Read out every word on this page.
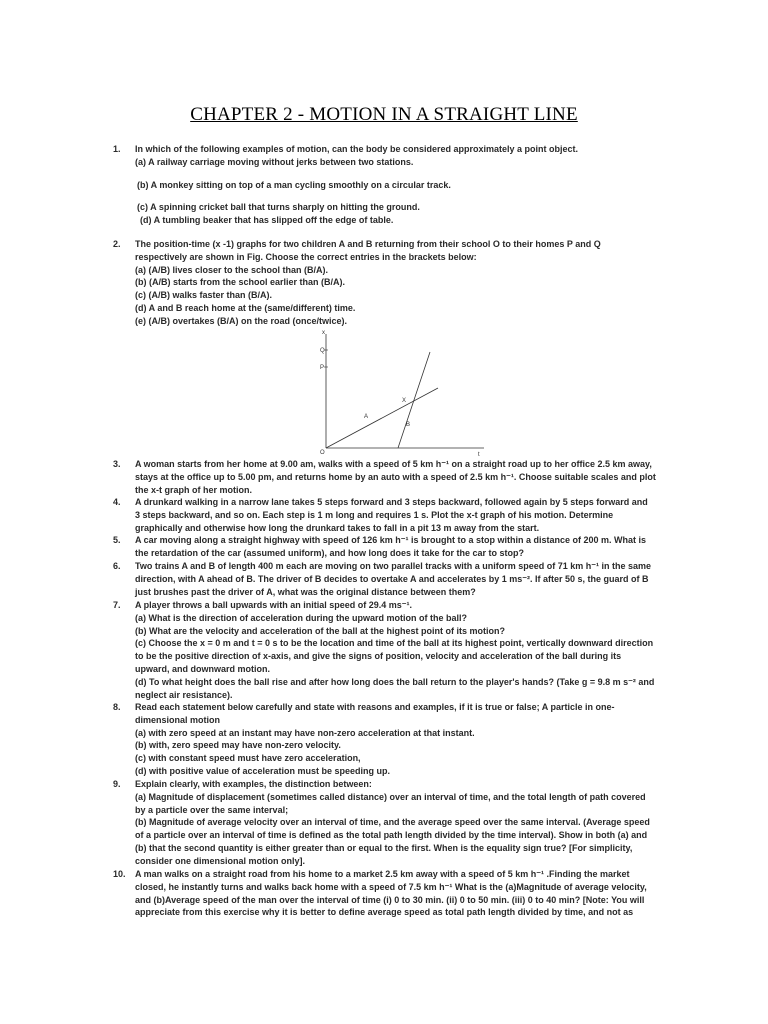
CHAPTER 2 - MOTION IN A STRAIGHT LINE
1. In which of the following examples of motion, can the body be considered approximately a point object.

(a) A railway carriage moving without jerks between two stations.

(b) A monkey sitting on top of a man cycling smoothly on a circular track.

(c) A spinning cricket ball that turns sharply on hitting the ground.

(d) A tumbling beaker that has slipped off the edge of table.

2. The position-time (x -1) graphs for two children A and B returning from their school O to their homes P and Q

respectively are shown in Fig. Choose the correct entries in the brackets below:

(a) (A/B) lives closer to the school than (B/A).

(b) (A/B) starts from the school earlier than (B/A).

(c) (A/B) walks faster than (B/A).

(d) A and B reach home at the (same/different) time.

(e) (A/B) overtakes (B/A) on the road (once/twice).

x
Q
P
A
B
X
O	t
3. A woman starts from her home at 9.00 am, walks with a speed of 5 km h⁻¹ on a straight road up to her office 2.5 km away,

stays at the office up to 5.00 pm, and returns home by an auto with a speed of 2.5 km h⁻¹. Choose suitable scales and plot

the x-t graph of her motion.

4. A drunkard walking in a narrow lane takes 5 steps forward and 3 steps backward, followed again by 5 steps forward and

3 steps backward, and so on. Each step is 1 m long and requires 1 s. Plot the x-t graph of his motion. Determine

graphically and otherwise how long the drunkard takes to fall in a pit 13 m away from the start.

5. A car moving along a straight highway with speed of 126 km h⁻¹ is brought to a stop within a distance of 200 m. What is

the retardation of the car (assumed uniform), and how long does it take for the car to stop?

6. Two trains A and B of length 400 m each are moving on two parallel tracks with a uniform speed of 71 km h⁻¹ in the same

direction, with A ahead of B. The driver of B decides to overtake A and accelerates by 1 ms⁻². If after 50 s, the guard of B

just brushes past the driver of A, what was the original distance between them?

7. A player throws a ball upwards with an initial speed of 29.4 ms⁻¹.

(a) What is the direction of acceleration during the upward motion of the ball?

(b) What are the velocity and acceleration of the ball at the highest point of its motion?

(c) Choose the x = 0 m and t = 0 s to be the location and time of the ball at its highest point, vertically downward direction

to be the positive direction of x-axis, and give the signs of position, velocity and acceleration of the ball during its

upward, and downward motion.

(d) To what height does the ball rise and after how long does the ball return to the player's hands? (Take g = 9.8 m s⁻² and

neglect air resistance).

8. Read each statement below carefully and state with reasons and examples, if it is true or false; A particle in one-

dimensional motion

(a) with zero speed at an instant may have non-zero acceleration at that instant.

(b) with, zero speed may have non-zero velocity.

(c) with constant speed must have zero acceleration,

(d) with positive value of acceleration must be speeding up.

9. Explain clearly, with examples, the distinction between:

(a) Magnitude of displacement (sometimes called distance) over an interval of time, and the total length of path covered

by a particle over the same interval;

(b) Magnitude of average velocity over an interval of time, and the average speed over the same interval. (Average speed

of a particle over an interval of time is defined as the total path length divided by the time interval). Show in both (a) and

(b) that the second quantity is either greater than or equal to the first. When is the equality sign true? [For simplicity,

consider one dimensional motion only].

10. A man walks on a straight road from his home to a market 2.5 km away with a speed of 5 km h⁻¹ .Finding the market

closed, he instantly turns and walks back home with a speed of 7.5 km h⁻¹ What is the (a)Magnitude of average velocity,

and (b)Average speed of the man over the interval of time (i) 0 to 30 min. (ii) 0 to 50 min. (iii) 0 to 40 min? [Note: You will

appreciate from this exercise why it is better to define average speed as total path length divided by time, and not as
